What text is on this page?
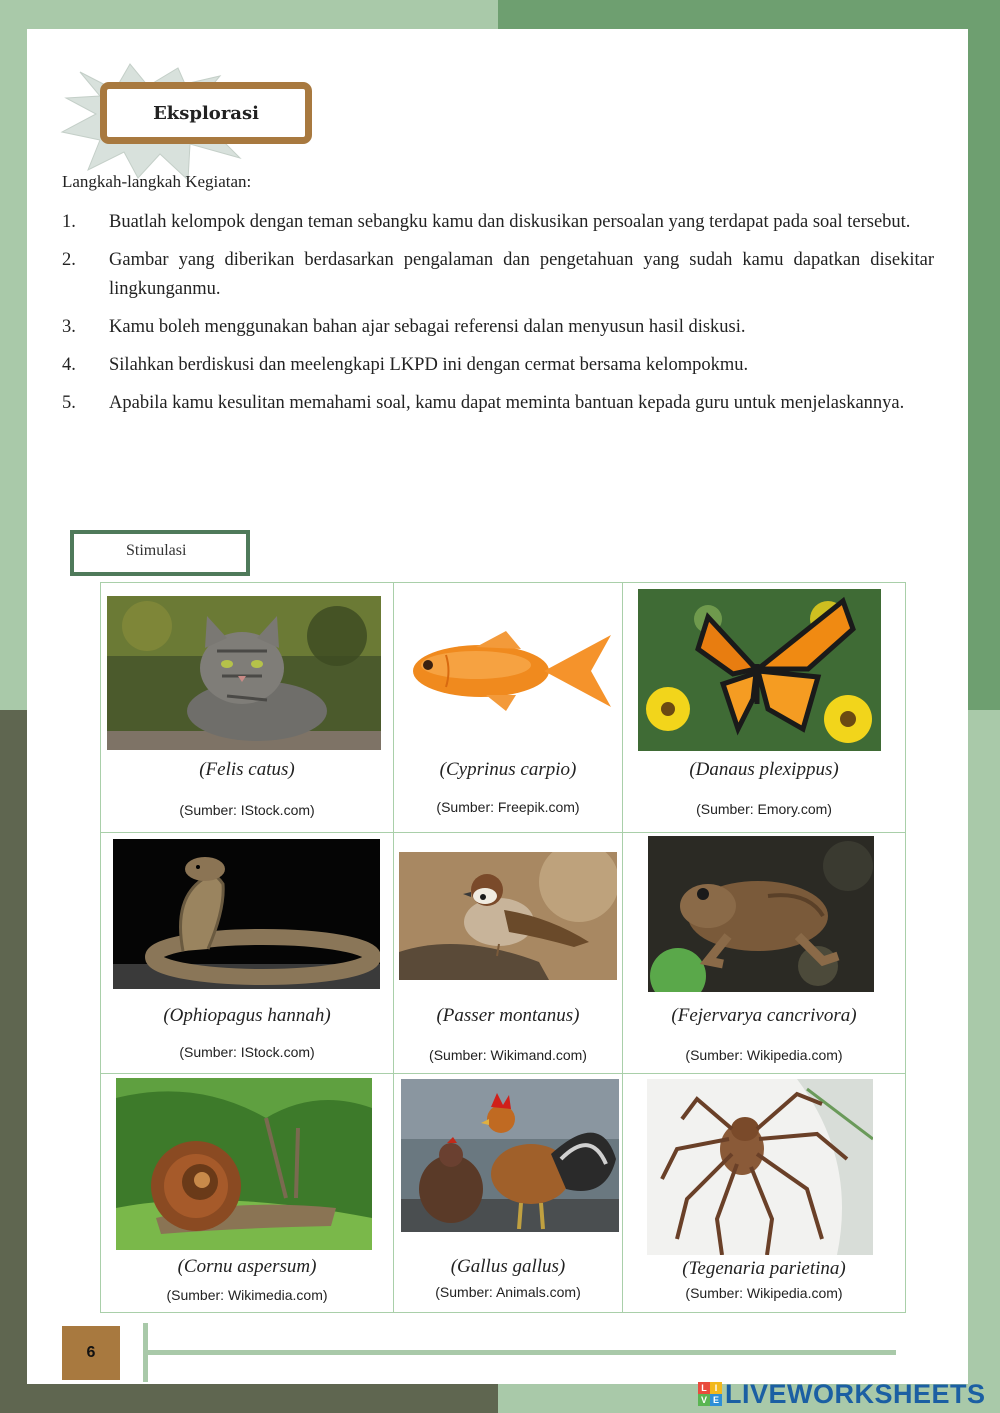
Eksplorasi
Langkah-langkah Kegiatan:
1.	Buatlah kelompok dengan teman sebangku kamu dan diskusikan persoalan yang terdapat pada soal tersebut.
2.	Gambar yang diberikan berdasarkan pengalaman dan pengetahuan yang sudah kamu dapatkan disekitar lingkunganmu.
3.	Kamu boleh menggunakan bahan ajar sebagai referensi dalan menyusun hasil diskusi.
4.	Silahkan berdiskusi dan meelengkapi LKPD ini dengan cermat bersama kelompokmu.
5.	Apabila kamu kesulitan memahami soal, kamu dapat meminta bantuan kepada guru untuk menjelaskannya.
Stimulasi
(Felis catus)
(Sumber: IStock.com)
(Cyprinus carpio)
(Sumber: Freepik.com)
(Danaus plexippus)
(Sumber: Emory.com)
(Ophiopagus hannah)
(Sumber: IStock.com)
(Passer montanus)
(Sumber: Wikimand.com)
(Fejervarya cancrivora)
(Sumber: Wikipedia.com)
(Cornu aspersum)
(Sumber: Wikimedia.com)
(Gallus gallus)
(Sumber: Animals.com)
(Tegenaria parietina)
(Sumber: Wikipedia.com)
6
L I
V E LIVEWORKSHEETS
